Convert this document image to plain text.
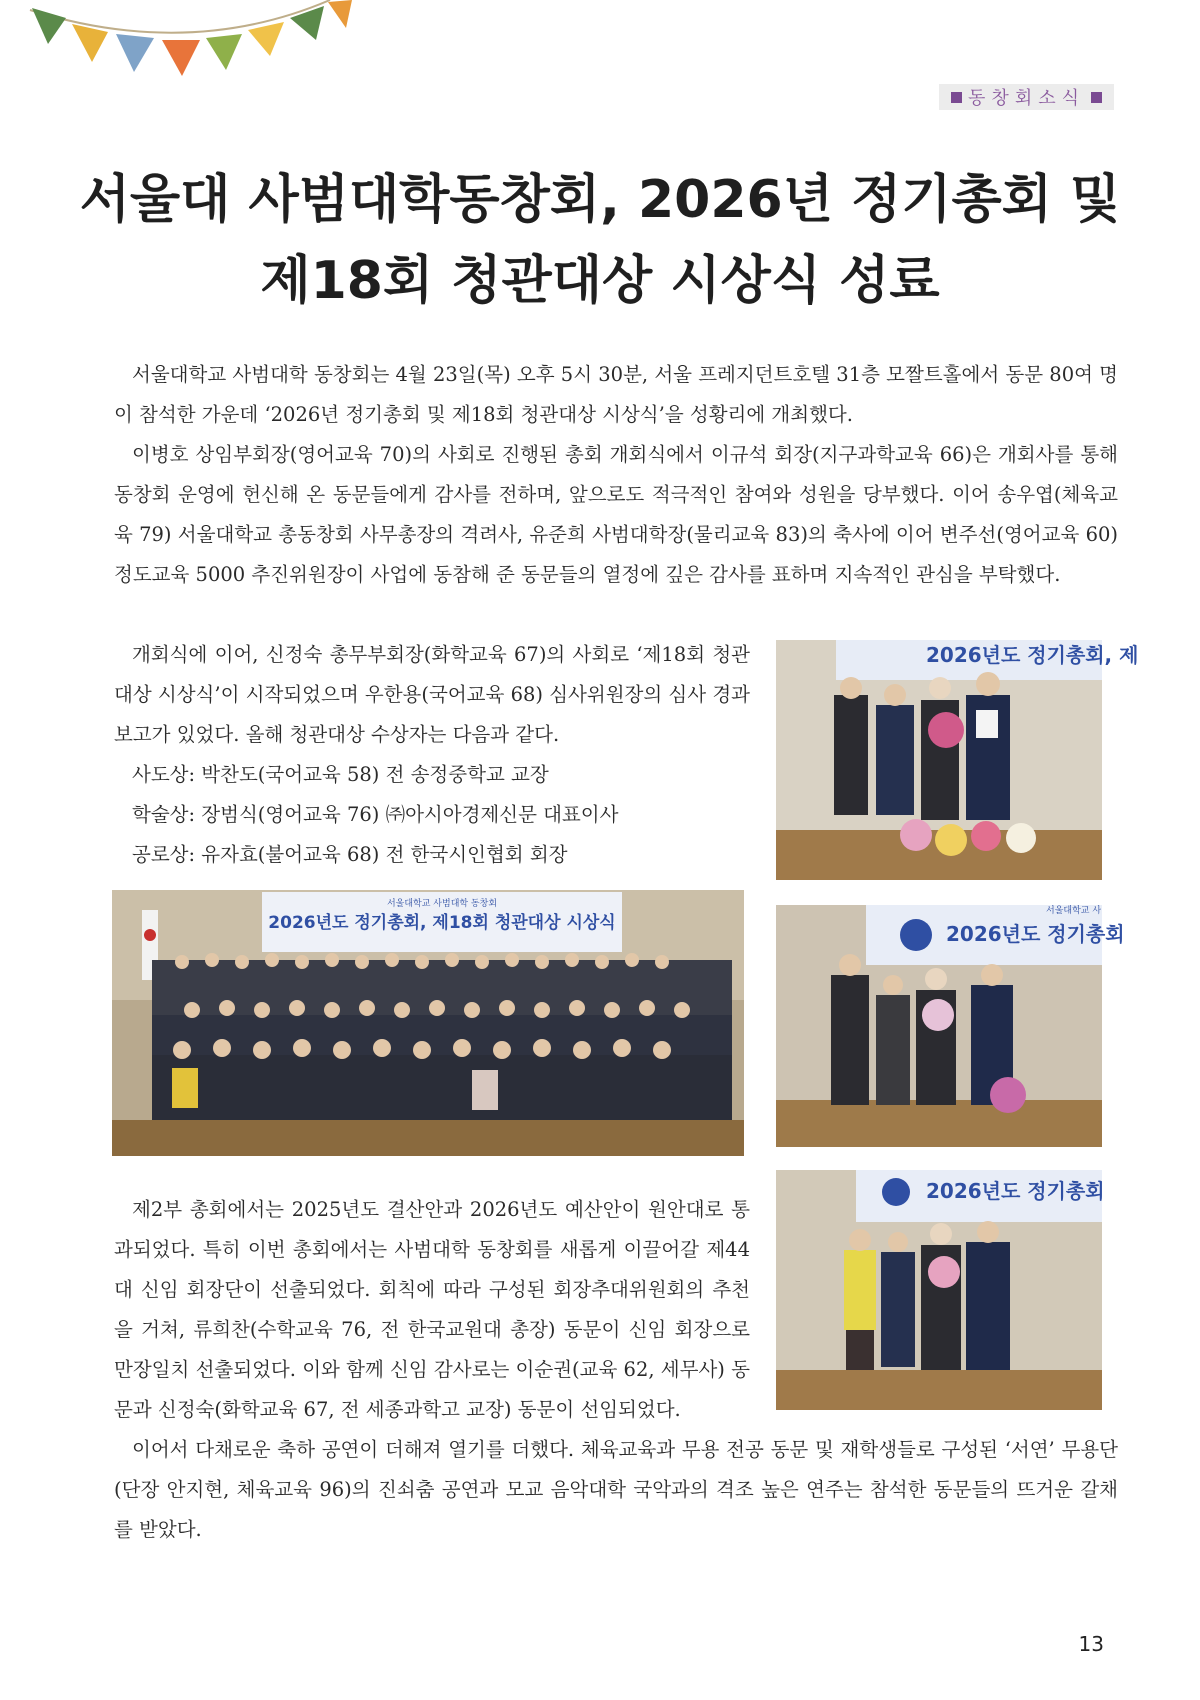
동창회소식
서울대 사범대학동창회, 2026년 정기총회 및
제18회 청관대상 시상식 성료

서울대학교 사범대학 동창회는 4월 23일(목) 오후 5시 30분, 서울 프레지던트호텔 31층 모짤트홀에서 동문 80여 명이 참석한 가운데 ‘2026년 정기총회 및 제18회 청관대상 시상식’을 성황리에 개최했다.

이병호 상임부회장(영어교육 70)의 사회로 진행된 총회 개회식에서 이규석 회장(지구과학교육 66)은 개회사를 통해 동창회 운영에 헌신해 온 동문들에게 감사를 전하며, 앞으로도 적극적인 참여와 성원을 당부했다. 이어 송우엽(체육교육 79) 서울대학교 총동창회 사무총장의 격려사, 유준희 사범대학장(물리교육 83)의 축사에 이어 변주선(영어교육 60) 정도교육 5000 추진위원장이 사업에 동참해 준 동문들의 열정에 깊은 감사를 표하며 지속적인 관심을 부탁했다.

개회식에 이어, 신정숙 총무부회장(화학교육 67)의 사회로 ‘제18회 청관대상 시상식’이 시작되었으며 우한용(국어교육 68) 심사위원장의 심사 경과보고가 있었다. 올해 청관대상 수상자는 다음과 같다.

사도상: 박찬도(국어교육 58) 전 송정중학교 교장
학술상: 장범식(영어교육 76) ㈜아시아경제신문 대표이사
공로상: 유자효(불어교육 68) 전 한국시인협회 회장
2026년도 정기총회, 제
서울대학교 사범대학 동창회
2026년도 정기총회, 제18회 청관대상 시상식
서울대학교 사
2026년도 정기총회
2026년도 정기총회

제2부 총회에서는 2025년도 결산안과 2026년도 예산안이 원안대로 통과되었다. 특히 이번 총회에서는 사범대학 동창회를 새롭게 이끌어갈 제44대 신임 회장단이 선출되었다. 회칙에 따라 구성된 회장추대위원회의 추천을 거쳐, 류희찬(수학교육 76, 전 한국교원대 총장) 동문이 신임 회장으로 만장일치 선출되었다. 이와 함께 신임 감사로는 이순권(교육 62, 세무사) 동문과 신정숙(화학교육 67, 전 세종과학고 교장) 동문이 선임되었다.

이어서 다채로운 축하 공연이 더해져 열기를 더했다. 체육교육과 무용 전공 동문 및 재학생들로 구성된 ‘서연’ 무용단(단장 안지현, 체육교육 96)의 진쇠춤 공연과 모교 음악대학 국악과의 격조 높은 연주는 참석한 동문들의 뜨거운 갈채를 받았다.

13
